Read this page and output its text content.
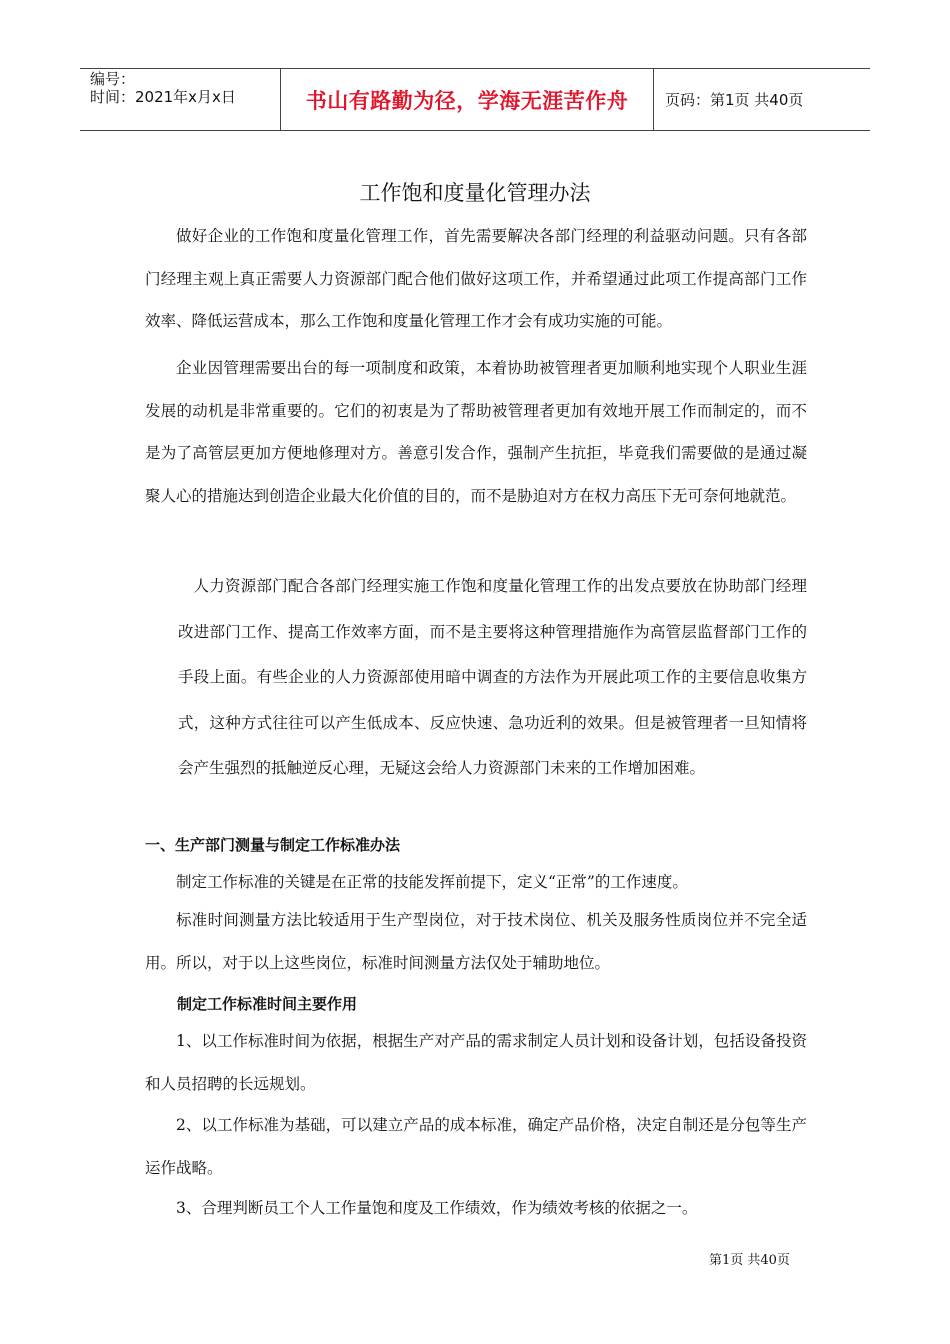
编号：
时间：2021年x月x日	书山有路勤为径，学海无涯苦作舟	页码：第1页 共40页
工作饱和度量化管理办法
做好企业的工作饱和度量化管理工作，首先需要解决各部门经理的利益驱动问题。只有各部门经理主观上真正需要人力资源部门配合他们做好这项工作，并希望通过此项工作提高部门工作效率、降低运营成本，那么工作饱和度量化管理工作才会有成功实施的可能。
企业因管理需要出台的每一项制度和政策，本着协助被管理者更加顺利地实现个人职业生涯发展的动机是非常重要的。它们的初衷是为了帮助被管理者更加有效地开展工作而制定的，而不是为了高管层更加方便地修理对方。善意引发合作，强制产生抗拒，毕竟我们需要做的是通过凝聚人心的措施达到创造企业最大化价值的目的，而不是胁迫对方在权力高压下无可奈何地就范。
人力资源部门配合各部门经理实施工作饱和度量化管理工作的出发点要放在协助部门经理改进部门工作、提高工作效率方面，而不是主要将这种管理措施作为高管层监督部门工作的手段上面。有些企业的人力资源部使用暗中调查的方法作为开展此项工作的主要信息收集方式，这种方式往往可以产生低成本、反应快速、急功近利的效果。但是被管理者一旦知情将会产生强烈的抵触逆反心理，无疑这会给人力资源部门未来的工作增加困难。
一、生产部门测量与制定工作标准办法
制定工作标准的关键是在正常的技能发挥前提下，定义“正常”的工作速度。
标准时间测量方法比较适用于生产型岗位，对于技术岗位、机关及服务性质岗位并不完全适用。所以，对于以上这些岗位，标准时间测量方法仅处于辅助地位。
制定工作标准时间主要作用
1、以工作标准时间为依据，根据生产对产品的需求制定人员计划和设备计划，包括设备投资和人员招聘的长远规划。
2、以工作标准为基础，可以建立产品的成本标准，确定产品价格，决定自制还是分包等生产运作战略。
3、合理判断员工个人工作量饱和度及工作绩效，作为绩效考核的依据之一。
第1页 共40页
